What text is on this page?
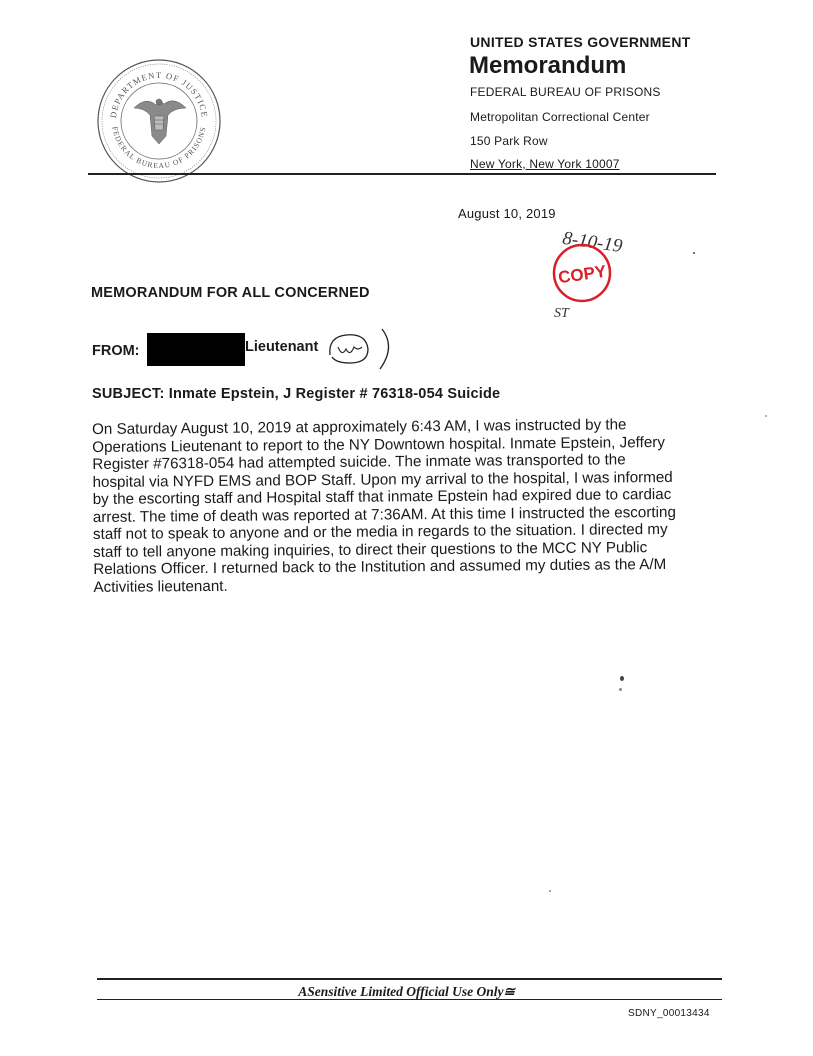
DEPARTMENT OF JUSTICE
FEDERAL BUREAU OF PRISONS
UNITED STATES GOVERNMENT
Memorandum
FEDERAL BUREAU OF PRISONS
Metropolitan Correctional Center
150 Park Row
New York, New York 10007
August 10, 2019
8-10-19
COPY
ST
MEMORANDUM FOR ALL CONCERNED
FROM:	Lieutenant
SUBJECT: Inmate Epstein, J Register # 76318-054 Suicide
On Saturday August 10, 2019 at approximately 6:43 AM, I was instructed by the
Operations Lieutenant to report to the NY Downtown hospital. Inmate Epstein, Jeffery
Register #76318-054 had attempted suicide. The inmate was transported to the
hospital via NYFD EMS and BOP Staff. Upon my arrival to the hospital, I was informed
by the escorting staff and Hospital staff that inmate Epstein had expired due to cardiac
arrest. The time of death was reported at 7:36AM. At this time I instructed the escorting
staff not to speak to anyone and or the media in regards to the situation. I directed my
staff to tell anyone making inquiries, to direct their questions to the MCC NY Public
Relations Officer. I returned back to the Institution and assumed my duties as the A/M
Activities lieutenant.
ASensitive Limited Official Use Only≅
SDNY_00013434
